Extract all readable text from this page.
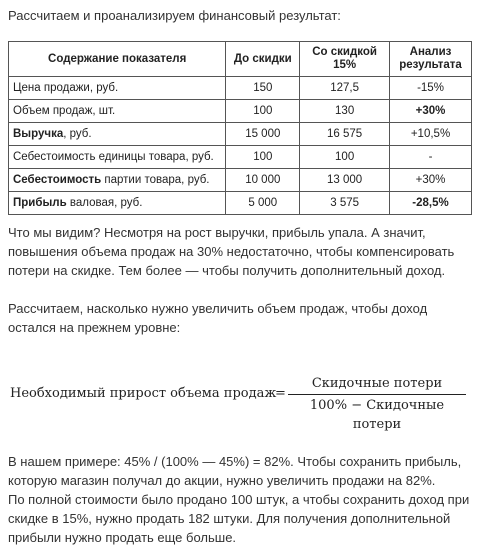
Рассчитаем и проанализируем финансовый результат:

Содержание показателя	До скидки	Со скидкой 15%	Анализ результата
Цена продажи, руб.	150	127,5	-15%
Объем продаж, шт.	100	130	+30%
Выручка, руб.	15 000	16 575	+10,5%
Себестоимость единицы товара, руб.	100	100	-
Себестоимость партии товара, руб.	10 000	13 000	+30%
Прибыль валовая, руб.	5 000	3 575	-28,5%

Что мы видим? Несмотря на рост выручки, прибыль упала. А значит, повышения объема продаж на 30% недостаточно, чтобы компенсировать потери на скидке. Тем более — чтобы получить дополнительный доход.

Рассчитаем, насколько нужно увеличить объем продаж, чтобы доход остался на прежнем уровне:

Необходимый прирост объема продаж
=
Скидочные потери
100% − Скидочные потери
В нашем примере: 45% / (100% — 45%) = 82%. Чтобы сохранить прибыль, которую магазин получал до акции, нужно увеличить продажи на 82%.
По полной стоимости было продано 100 штук, а чтобы сохранить доход при скидке в 15%, нужно продать 182 штуки. Для получения дополнительной прибыли нужно продать еще больше.
